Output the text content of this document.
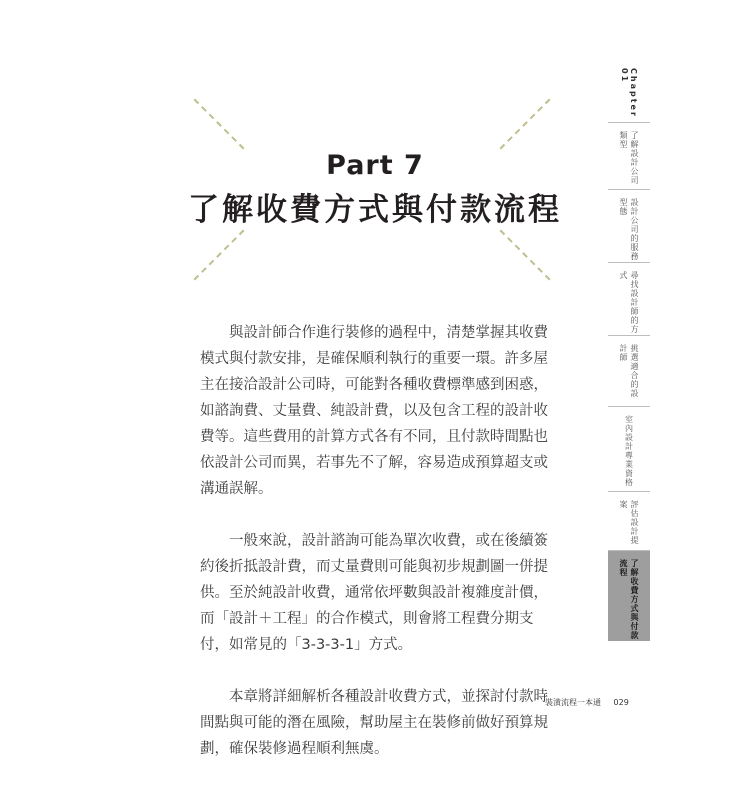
Part 7
了解收費方式與付款流程

與設計師合作進行裝修的過程中，清楚掌握其收費模式與付款安排，是確保順利執行的重要一環。許多屋主在接洽設計公司時，可能對各種收費標準感到困惑，如諮詢費、丈量費、純設計費，以及包含工程的設計收費等。這些費用的計算方式各有不同，且付款時間點也依設計公司而異，若事先不了解，容易造成預算超支或溝通誤解。

一般來說，設計諮詢可能為單次收費，或在後續簽約後折抵設計費，而丈量費則可能與初步規劃圖一併提供。至於純設計收費，通常依坪數與設計複雜度計價，而「設計＋工程」的合作模式，則會將工程費分期支付，如常見的「3-3-3-1」方式。

本章將詳細解析各種設計收費方式，並探討付款時間點與可能的潛在風險，幫助屋主在裝修前做好預算規劃，確保裝修過程順利無虞。

Chapter 01
了解設計公司類型
設計公司的服務型態
尋找設計師的方式
挑選適合的設計師
室內設計專業資格
評估設計提案
了解收費方式與付款流程
裝潢流程一本通 029
